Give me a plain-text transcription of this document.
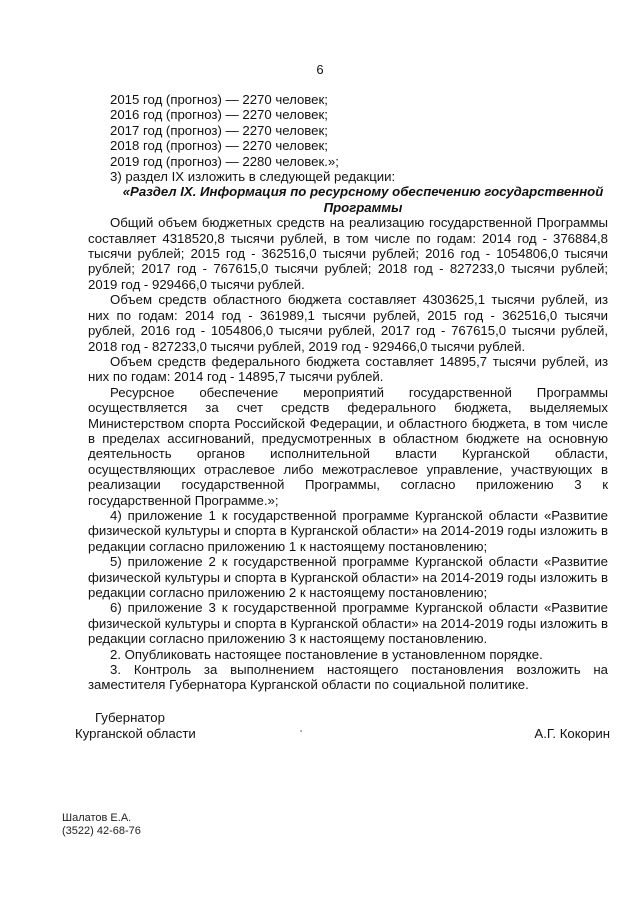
6

2015 год (прогноз) — 2270 человек;

2016 год (прогноз) — 2270 человек;

2017 год (прогноз) — 2270 человек;

2018 год (прогноз) — 2270 человек;

2019 год (прогноз) — 2280 человек.»;

3) раздел IX изложить в следующей редакции:

«Раздел IX. Информация по ресурсному обеспечению государственной Программы

Общий объем бюджетных средств на реализацию государственной Программы составляет 4318520,8 тысячи рублей, в том числе по годам: 2014 год - 376884,8 тысячи рублей; 2015 год - 362516,0 тысячи рублей; 2016 год - 1054806,0 тысячи рублей; 2017 год - 767615,0 тысячи рублей; 2018 год - 827233,0 тысячи рублей; 2019 год - 929466,0 тысячи рублей.

Объем средств областного бюджета составляет 4303625,1 тысячи рублей, из них по годам: 2014 год - 361989,1 тысячи рублей, 2015 год - 362516,0 тысячи рублей, 2016 год - 1054806,0 тысячи рублей, 2017 год - 767615,0 тысячи рублей, 2018 год - 827233,0 тысячи рублей, 2019 год - 929466,0 тысячи рублей.

Объем средств федерального бюджета составляет 14895,7 тысячи рублей, из них по годам: 2014 год - 14895,7 тысячи рублей.

Ресурсное обеспечение мероприятий государственной Программы осуществляется за счет средств федерального бюджета, выделяемых Министерством спорта Российской Федерации, и областного бюджета, в том числе в пределах ассигнований, предусмотренных в областном бюджете на основную деятельность органов исполнительной власти Курганской области, осуществляющих отраслевое либо межотраслевое управление, участвующих в реализации государственной Программы, согласно приложению 3 к государственной Программе.»;

4) приложение 1 к государственной программе Курганской области «Развитие физической культуры и спорта в Курганской области» на 2014-2019 годы изложить в редакции согласно приложению 1 к настоящему постановлению;

5) приложение 2 к государственной программе Курганской области «Развитие физической культуры и спорта в Курганской области» на 2014-2019 годы изложить в редакции согласно приложению 2 к настоящему постановлению;

6) приложение 3 к государственной программе Курганской области «Развитие физической культуры и спорта в Курганской области» на 2014-2019 годы изложить в редакции согласно приложению 3 к настоящему постановлению.

2. Опубликовать настоящее постановление в установленном порядке.

3. Контроль за выполнением настоящего постановления возложить на заместителя Губернатора Курганской области по социальной политике.

Губернатор
Курганской области	А.Г. Кокорин
Шалатов Е.А.
(3522) 42-68-76
